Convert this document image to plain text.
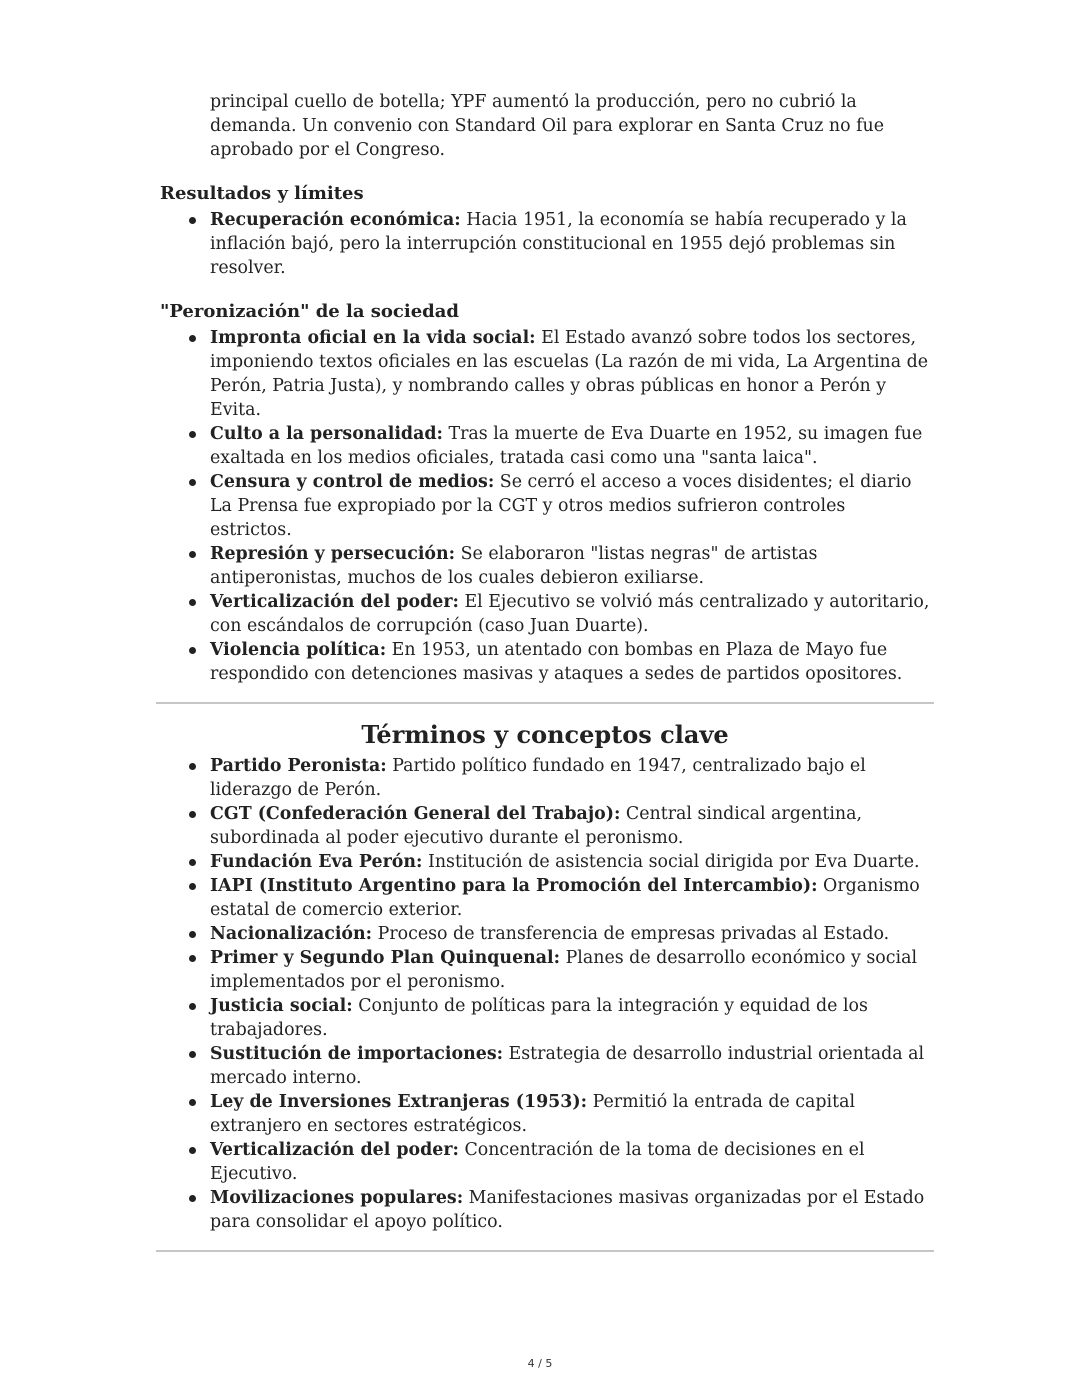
principal cuello de botella; YPF aumentó la producción, pero no cubrió la demanda. Un convenio con Standard Oil para explorar en Santa Cruz no fue aprobado por el Congreso.

Resultados y límites
Recuperación económica: Hacia 1951, la economía se había recuperado y la inflación bajó, pero la interrupción constitucional en 1955 dejó problemas sin resolver.
"Peronización" de la sociedad
Impronta oficial en la vida social: El Estado avanzó sobre todos los sectores, imponiendo textos oficiales en las escuelas (La razón de mi vida, La Argentina de Perón, Patria Justa), y nombrando calles y obras públicas en honor a Perón y Evita.
Culto a la personalidad: Tras la muerte de Eva Duarte en 1952, su imagen fue exaltada en los medios oficiales, tratada casi como una "santa laica".
Censura y control de medios: Se cerró el acceso a voces disidentes; el diario La Prensa fue expropiado por la CGT y otros medios sufrieron controles estrictos.
Represión y persecución: Se elaboraron "listas negras" de artistas antiperonistas, muchos de los cuales debieron exiliarse.
Verticalización del poder: El Ejecutivo se volvió más centralizado y autoritario, con escándalos de corrupción (caso Juan Duarte).
Violencia política: En 1953, un atentado con bombas en Plaza de Mayo fue respondido con detenciones masivas y ataques a sedes de partidos opositores.
Términos y conceptos clave
Partido Peronista: Partido político fundado en 1947, centralizado bajo el liderazgo de Perón.
CGT (Confederación General del Trabajo): Central sindical argentina, subordinada al poder ejecutivo durante el peronismo.
Fundación Eva Perón: Institución de asistencia social dirigida por Eva Duarte.
IAPI (Instituto Argentino para la Promoción del Intercambio): Organismo estatal de comercio exterior.
Nacionalización: Proceso de transferencia de empresas privadas al Estado.
Primer y Segundo Plan Quinquenal: Planes de desarrollo económico y social implementados por el peronismo.
Justicia social: Conjunto de políticas para la integración y equidad de los trabajadores.
Sustitución de importaciones: Estrategia de desarrollo industrial orientada al mercado interno.
Ley de Inversiones Extranjeras (1953): Permitió la entrada de capital extranjero en sectores estratégicos.
Verticalización del poder: Concentración de la toma de decisiones en el Ejecutivo.
Movilizaciones populares: Manifestaciones masivas organizadas por el Estado para consolidar el apoyo político.
4 / 5
